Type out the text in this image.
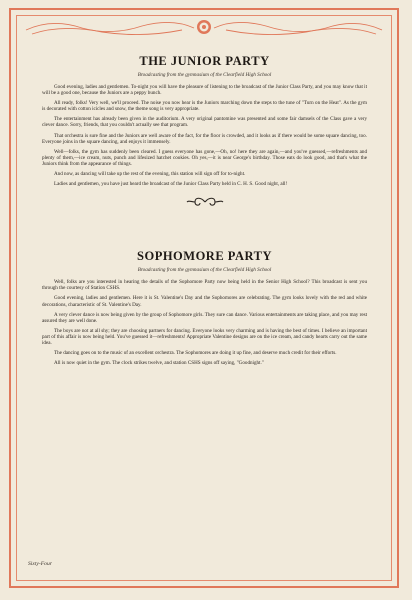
THE JUNIOR PARTY
Broadcasting from the gymnasium of the Clearfield High School

Good evening, ladies and gentlemen. To-night you will have the pleasure of listening to the broadcast of the Junior Class Party, and you may know that it will be a good one, because the Juniors are a peppy bunch.

All ready, folks! Very well, we'll proceed. The noise you now hear is the Juniors marching down the steps to the tune of "Turn on the Heat". As the gym is decorated with cotton icicles and snow, the theme song is very appropriate.

The entertainment has already been given in the auditorium. A very original pantomine was presented and some fair damsels of the Class gave a very clever dance. Sorry, friends, that you couldn't actually see that program.

That orchestra is sure fine and the Juniors are well aware of the fact, for the floor is crowded, and it looks as if there would be some square dancing, too. Everyone joins in the square dancing, and enjoys it immensely.

Well—folks, the gym has suddenly been cleared. I guess everyone has gone,—Oh, no! here they are again,—and you've guessed,—refreshments and plenty of them,—ice cream, nuts, punch and lifesized hatchet cookies. Oh yes,—it is near George's birthday. Those eats do look good, and that's what the Juniors think from the appearance of things.

And now, as dancing will take up the rest of the evening, this station will sign off for to-night.

Ladies and gentlemen, you have just heard the broadcast of the Junior Class Party held in C. H. S. Good night, all!

SOPHOMORE PARTY
Broadcasting from the gymnasium of the Clearfield High School

Well, folks are you interested in hearing the details of the Sophomore Party now being held in the Senior High School? This broadcast is sent you through the courtesy of Station CSHS.

Good evening, ladies and gentlemen. Here it is St. Valentine's Day and the Sophomores are celebrating. The gym looks lovely with the red and white decorations, characteristic of St. Valentine's Day.

A very clever dance is now being given by the group of Sophomore girls. They sure can dance. Various entertainments are taking place, and you may rest assured they are well done.

The boys are not at all shy; they are choosing partners for dancing. Everyone looks very charming and is having the best of times. I believe an important part of this affair is now being held. You've guessed it—refreshments! Appropriate Valentine designs are on the ice cream, and candy hearts carry out the same idea.

The dancing goes on to the music of an excellent orchestra. The Sophomores are doing it up fine, and deserve much credit for their efforts.

All is now quiet in the gym. The clock strikes twelve, and station CSHS signs off saying, "Goodnight."

Sixty-Four
